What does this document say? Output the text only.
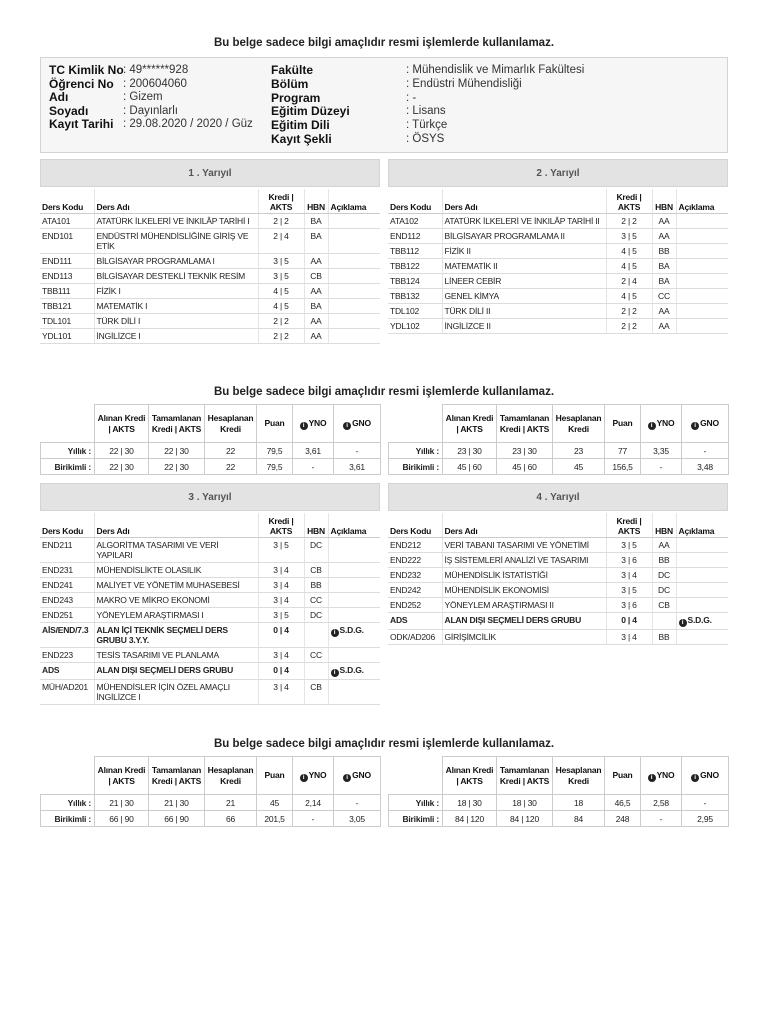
Bu belge sadece bilgi amaçlıdır resmi işlemlerde kullanılamaz.
TC Kimlik No : 49******928
Öğrenci No : 200604060
Adı	: Gizem
Soyadı	: Dayınlarlı
Kayıt Tarihi : 29.08.2020 / 2020 / Güz
Fakülte	: Mühendislik ve Mimarlık Fakültesi
Bölüm	: Endüstri Mühendisliği
Program	: -
Eğitim Düzeyi	: Lisans
Eğitim Dili	: Türkçe
Kayıt Şekli	: ÖSYS
1 . Yarıyıl
Ders Kodu	Ders Adı	Kredi | AKTS	HBN	Açıklama
ATA101	ATATÜRK İLKELERİ VE İNKILÂP TARİHİ I	2 | 2	BA	
END101	ENDÜSTRİ MÜHENDİSLİĞİNE GİRİŞ VE ETİK	2 | 4	BA	
END111	BİLGİSAYAR PROGRAMLAMA I	3 | 5	AA	
END113	BİLGİSAYAR DESTEKLİ TEKNİK RESİM	3 | 5	CB	
TBB111	FİZİK I	4 | 5	AA	
TBB121	MATEMATİK I	4 | 5	BA	
TDL101	TÜRK DİLİ I	2 | 2	AA	
YDL101	İNGİLİZCE I	2 | 2	AA	
2 . Yarıyıl
Ders Kodu	Ders Adı	Kredi | AKTS	HBN	Açıklama
ATA102	ATATÜRK İLKELERİ VE İNKILÂP TARİHİ II	2 | 2	AA	
END112	BİLGİSAYAR PROGRAMLAMA II	3 | 5	AA	
TBB112	FİZİK II	4 | 5	BB	
TBB122	MATEMATİK II	4 | 5	BA	
TBB124	LİNEER CEBİR	2 | 4	BA	
TBB132	GENEL KİMYA	4 | 5	CC	
TDL102	TÜRK DİLİ II	2 | 2	AA	
YDL102	İNGİLİZCE II	2 | 2	AA	
3 . Yarıyıl
Ders Kodu	Ders Adı	Kredi | AKTS	HBN	Açıklama
END211	ALGORİTMA TASARIMI VE VERİ YAPILARI	3 | 5	DC	
END231	MÜHENDİSLİKTE OLASILIK	3 | 4	CB	
END241	MALİYET VE YÖNETİM MUHASEBESİ	3 | 4	BB	
END243	MAKRO VE MİKRO EKONOMİ	3 | 4	CC	
END251	YÖNEYLEM ARAŞTIRMASI I	3 | 5	DC	
AİS/END/7.3	ALAN İÇİ TEKNİK SEÇMELİ DERS GRUBU 3.Y.Y.	0 | 4		i S.D.G.
END223	TESİS TASARIMI VE PLANLAMA	3 | 4	CC	
ADS	ALAN DIŞI SEÇMELİ DERS GRUBU	0 | 4		i S.D.G.
MÜH/AD201	MÜHENDİSLER İÇİN ÖZEL AMAÇLI İNGİLİZCE I	3 | 4	CB	
4 . Yarıyıl
Ders Kodu	Ders Adı	Kredi | AKTS	HBN	Açıklama
END212	VERİ TABANI TASARIMI VE YÖNETİMİ	3 | 5	AA	
END222	İŞ SİSTEMLERİ ANALİZİ VE TASARIMI	3 | 6	BB	
END232	MÜHENDİSLİK İSTATİSTİĞİ	3 | 4	DC	
END242	MÜHENDİSLİK EKONOMİSİ	3 | 5	DC	
END252	YÖNEYLEM ARAŞTIRMASI II	3 | 6	CB	
ADS	ALAN DIŞI SEÇMELİ DERS GRUBU	0 | 4		i S.D.G.
ODK/AD206	GİRİŞİMCİLİK	3 | 4	BB	
Bu belge sadece bilgi amaçlıdır resmi işlemlerde kullanılamaz.
Bu belge sadece bilgi amaçlıdır resmi işlemlerde kullanılamaz.
	Alınan Kredi | AKTS	Tamamlanan Kredi | AKTS	Hesaplanan Kredi	Puan	i YNO	i GNO
Yıllık :	22 | 30	22 | 30	22	79,5	3,61	-
Birikimli :	22 | 30	22 | 30	22	79,5	-	3,61
	Alınan Kredi | AKTS	Tamamlanan Kredi | AKTS	Hesaplanan Kredi	Puan	i YNO	i GNO
Yıllık :	23 | 30	23 | 30	23	77	3,35	-
Birikimli :	45 | 60	45 | 60	45	156,5	-	3,48
	Alınan Kredi | AKTS	Tamamlanan Kredi | AKTS	Hesaplanan Kredi	Puan	i YNO	i GNO
Yıllık :	21 | 30	21 | 30	21	45	2,14	-
Birikimli :	66 | 90	66 | 90	66	201,5	-	3,05
	Alınan Kredi | AKTS	Tamamlanan Kredi | AKTS	Hesaplanan Kredi	Puan	i YNO	i GNO
Yıllık :	18 | 30	18 | 30	18	46,5	2,58	-
Birikimli :	84 | 120	84 | 120	84	248	-	2,95
